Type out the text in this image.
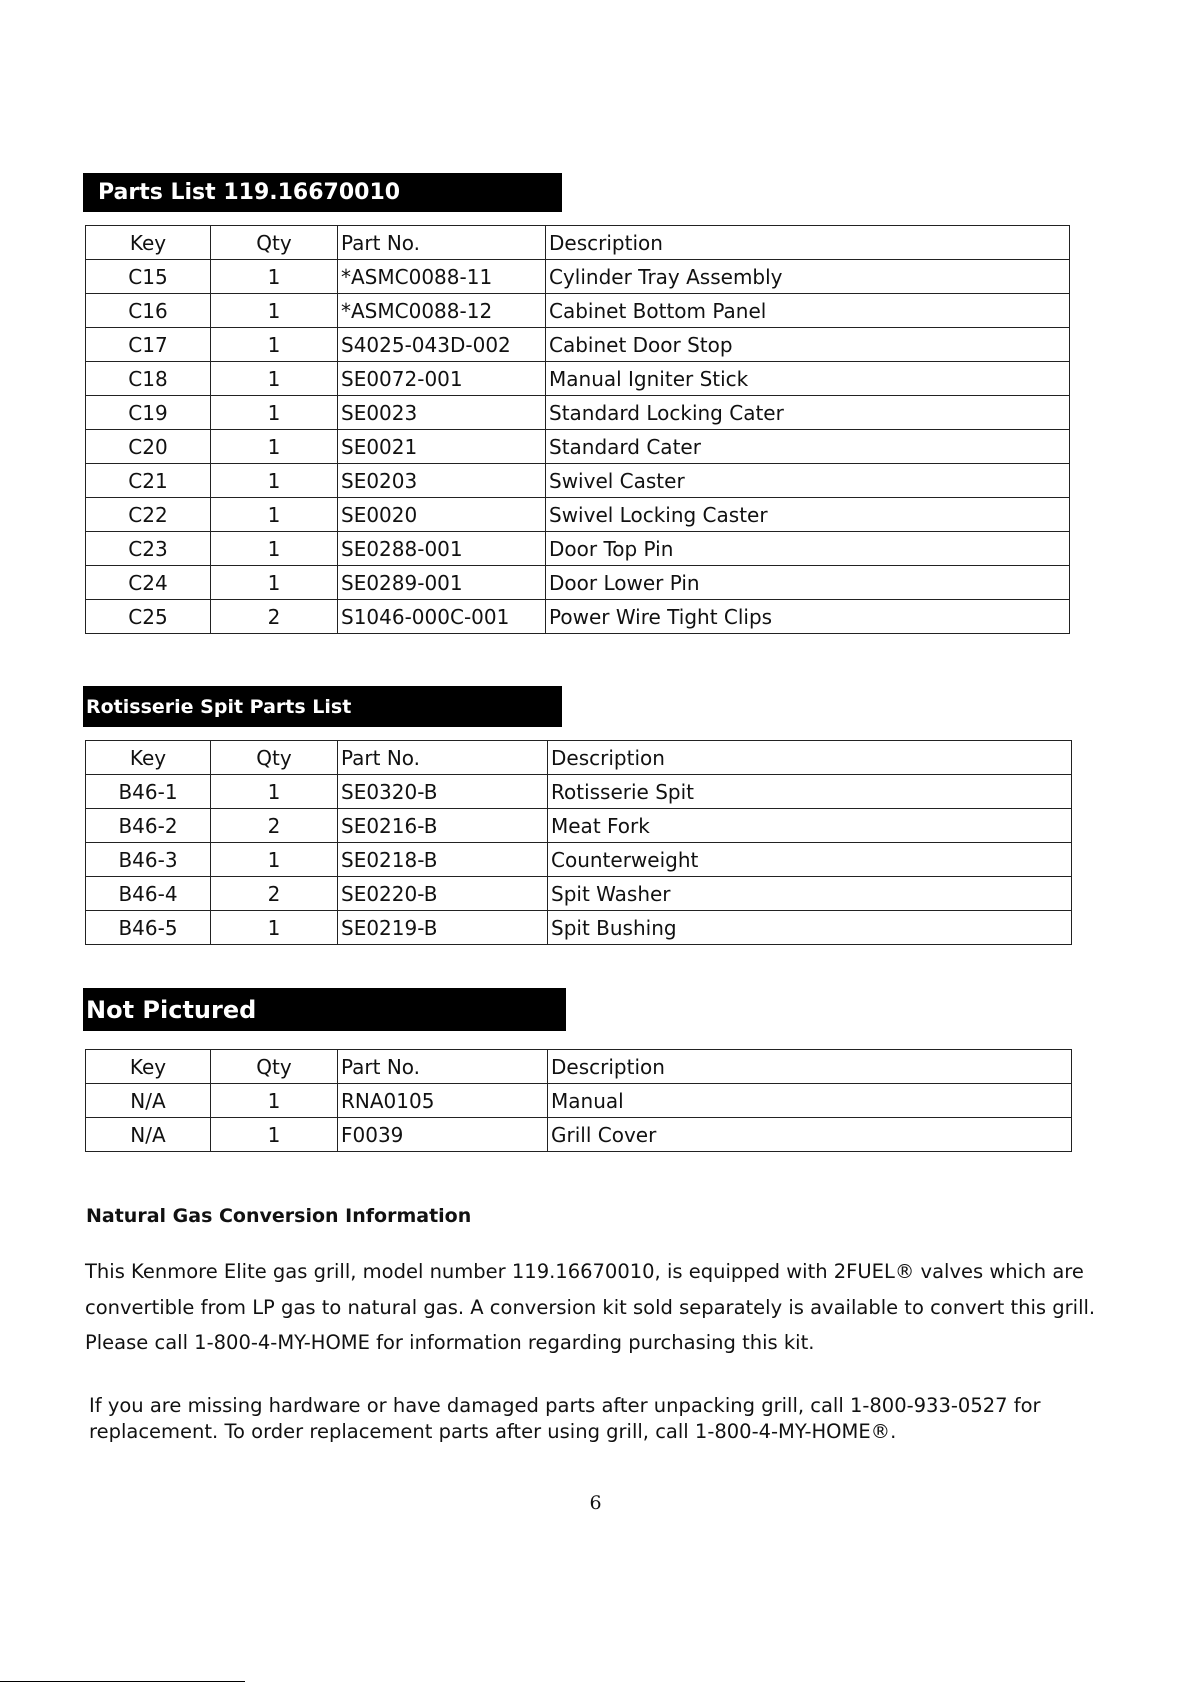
Parts List 119.16670010
Key	Qty	Part No.	Description
C15	1	*ASMC0088-11	Cylinder Tray Assembly
C16	1	*ASMC0088-12	Cabinet Bottom Panel
C17	1	S4025-043D-002	Cabinet Door Stop
C18	1	SE0072-001	Manual Igniter Stick
C19	1	SE0023	Standard Locking Cater
C20	1	SE0021	Standard Cater
C21	1	SE0203	Swivel Caster
C22	1	SE0020	Swivel Locking Caster
C23	1	SE0288-001	Door Top Pin
C24	1	SE0289-001	Door Lower Pin
C25	2	S1046-000C-001	Power Wire Tight Clips
Rotisserie Spit Parts List
Key	Qty	Part No.	Description
B46-1	1	SE0320-B	Rotisserie Spit
B46-2	2	SE0216-B	Meat Fork
B46-3	1	SE0218-B	Counterweight
B46-4	2	SE0220-B	Spit Washer
B46-5	1	SE0219-B	Spit Bushing
Not Pictured
Key	Qty	Part No.	Description
N/A	1	RNA0105	Manual
N/A	1	F0039	Grill Cover
Natural Gas Conversion Information

This Kenmore Elite gas grill, model number 119.16670010, is equipped with 2FUEL® valves which are
convertible from LP gas to natural gas. A conversion kit sold separately is available to convert this grill.
Please call 1-800-4-MY-HOME for information regarding purchasing this kit.

If you are missing hardware or have damaged parts after unpacking grill, call 1-800-933-0527 for
replacement. To order replacement parts after using grill, call 1-800-4-MY-HOME®.

6
